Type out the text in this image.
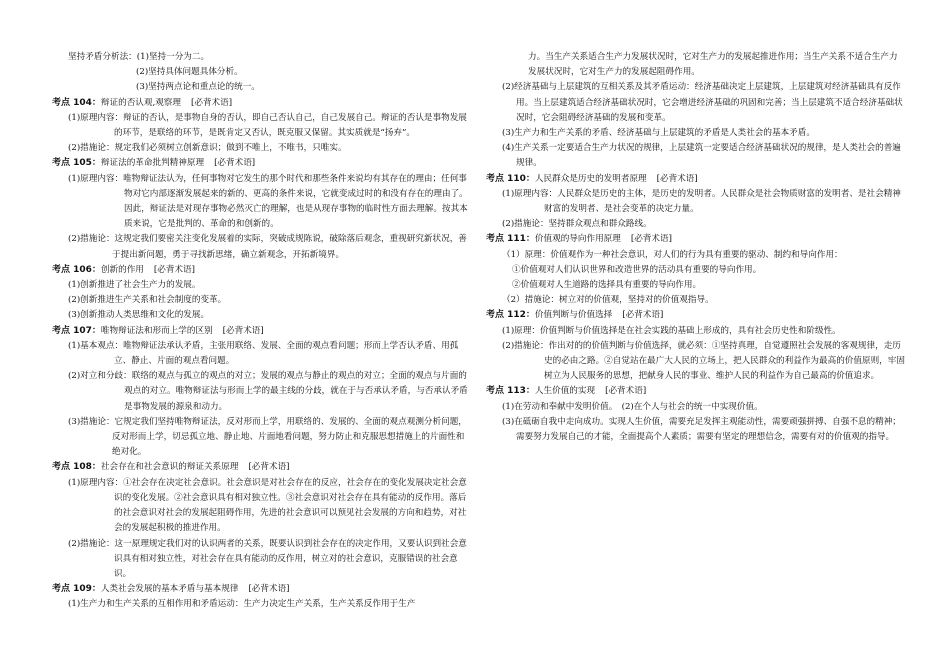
坚持矛盾分析法：(1)坚持一分为二。

(2)坚持具体问题具体分析。

(3)坚持两点论和重点论的统一。

考点 104：辩证的否认观,观察理 [必背术语]

(1)原理内容：辩证的否认，是事物自身的否认，即自己否认自己，自己发展自己。辩证的否认是事物发展的环节，是联络的环节，是既肯定又否认，既克服又保留。其实质就是“扬弃”。

(2)措施论：规定我们必须树立创新意识；做到不唯上，不唯书，只唯实。

考点 105：辩证法的革命批判精神原理 [必背术语]

(1)原理内容：唯物辩证法认为，任何事物对它发生的那个时代和那些条件来说均有其存在的理由；任何事物对它内部逐渐发展起来的新的、更高的条件来说，它就变成过时的和没有存在的理由了。因此，辩证法是对现存事物必然灭亡的理解，也是从现存事物的临时性方面去理解。按其本质来说，它是批判的、革命的和创新的。

(2)措施论：这规定我们要密关注变化发展着的实际，突破成规陈说，破除落后观念，重视研究新状况，善于提出新问题，勇于寻找新思绪，确立新观念，开拓新境界。

考点 106：创新的作用 [必背术语]

(1)创新推进了社会生产力的发展。

(2)创新推进生产关系和社会制度的变革。

(3)创新推动人类思维和文化的发展。

考点 107：唯物辩证法和形而上学的区别 [必背术语]

(1)基本观点：唯物辩证法承认矛盾，主张用联络、发展、全面的观点看问题；形而上学否认矛盾、用孤立、静止、片面的观点看问题。

(2)对立和分歧：联络的观点与孤立的观点的对立；发展的观点与静止的观点的对立；全面的观点与片面的观点的对立。唯物辩证法与形而上学的最主线的分歧，就在于与否承认矛盾，与否承认矛盾是事物发展的源泉和动力。

(3)措施论：它规定我们坚持唯物辩证法，反对形而上学，用联络的、发展的、全面的观点观测分析问题，反对形而上学，切忌孤立地、静止地、片面地看问题，努力防止和克服思想措施上的片面性和绝对化。

考点 108：社会存在和社会意识的辩证关系原理 [必背术语]

(1)原理内容：①社会存在决定社会意识。社会意识是对社会存在的反应，社会存在的变化发展决定社会意识的变化发展。②社会意识具有相对独立性。③社会意识对社会存在具有能动的反作用。落后的社会意识对社会的发展起阻碍作用，先进的社会意识可以预见社会发展的方向和趋势，对社会的发展起积极的推进作用。

(2)措施论：这一原理规定我们对的认识两者的关系，既要认识到社会存在的决定作用，又要认识到社会意识具有相对独立性，对社会存在具有能动的反作用，树立对的社会意识，克服错误的社会意识。

考点 109：人类社会发展的基本矛盾与基本规律 [必背术语]

(1)生产力和生产关系的互相作用和矛盾运动：生产力决定生产关系，生产关系反作用于生产

力。当生产关系适合生产力发展状况时，它对生产力的发展起推进作用；当生产关系不适合生产力发展状况时，它对生产力的发展起阻碍作用。

(2)经济基础与上层建筑的互相关系及其矛盾运动：经济基础决定上层建筑，上层建筑对经济基础具有反作用。当上层建筑适合经济基础状况时，它会增进经济基础的巩固和完善；当上层建筑不适合经济基础状况时，它会阻碍经济基础的发展和变革。

(3)生产力和生产关系的矛盾、经济基础与上层建筑的矛盾是人类社会的基本矛盾。

(4)生产关系一定要适合生产力状况的规律，上层建筑一定要适合经济基础状况的规律，是人类社会的普遍规律。

考点 110：人民群众是历史的发明者原理 [必背术语]

(1)原理内容：人民群众是历史的主体，是历史的发明者。人民群众是社会物质财富的发明者、是社会精神财富的发明者、是社会变革的决定力量。

(2)措施论：坚持群众观点和群众路线。

考点 111：价值观的导向作用原理 [必背术语]

（1）原理：价值观作为一种社会意识，对人们的行为具有重要的驱动、制约和导向作用：

①价值观对人们认识世界和改造世界的活动具有重要的导向作用。

②价值观对人生道路的选择具有重要的导向作用。

（2）措施论：树立对的价值观，坚持对的价值观指导。

考点 112：价值判断与价值选择 [必背术语]

(1)原理：价值判断与价值选择是在社会实践的基础上形成的，具有社会历史性和阶级性。

(2)措施论：作出对的的价值判断与价值选择，就必须：①坚持真理，自觉遵照社会发展的客观规律，走历史的必由之路。②自觉站在最广大人民的立场上，把人民群众的利益作为最高的价值原则，牢固树立为人民服务的思想，把献身人民的事业、维护人民的利益作为自己最高的价值追求。

考点 113：人生价值的实现 [必背术语]

(1)在劳动和奉献中发明价值。　(2)在个人与社会的统一中实现价值。

(3)在砥砺自我中走向成功。实现人生价值，需要充足发挥主观能动性，需要顽强拼搏、自强不息的精神；需要努力发展自己的才能，全面提高个人素质；需要有坚定的理想信念，需要有对的价值观的指导。
